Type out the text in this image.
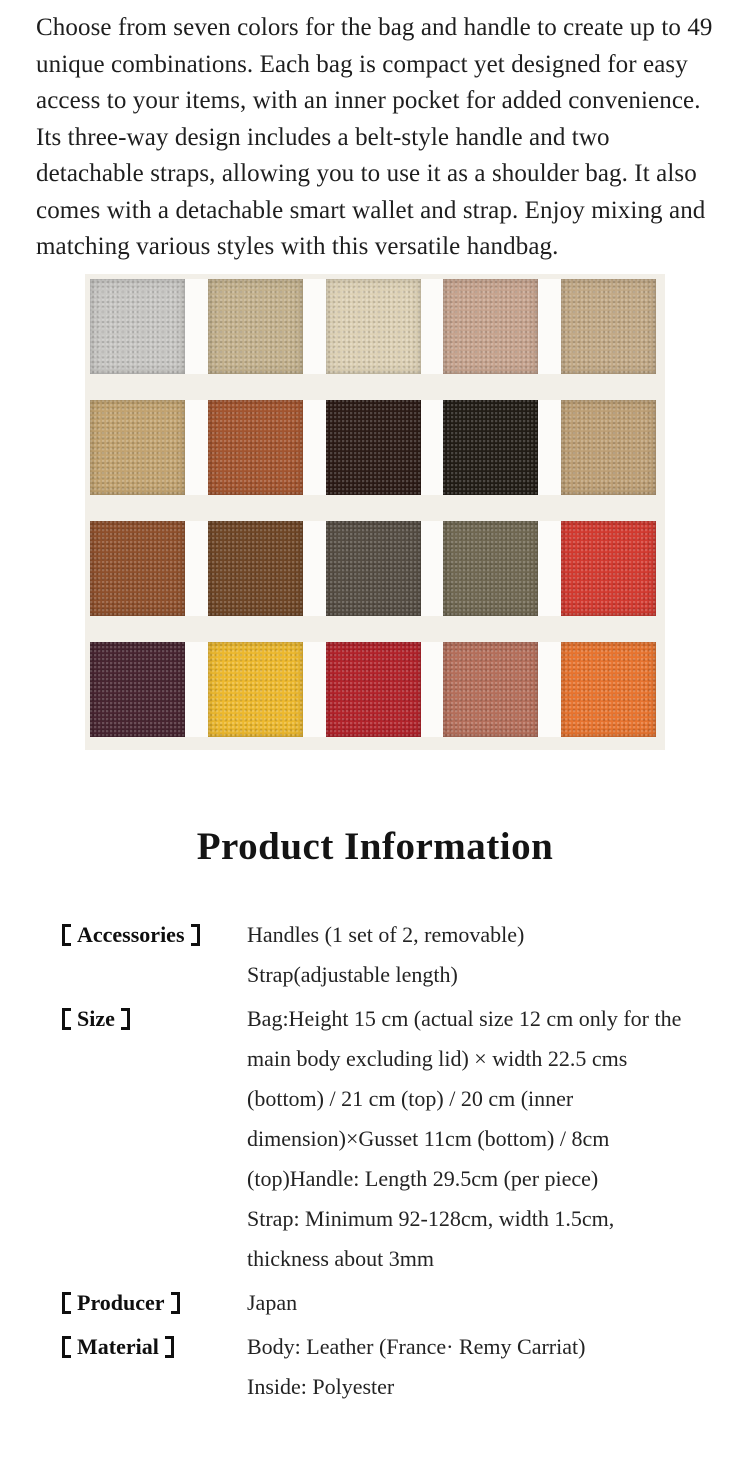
Choose from seven colors for the bag and handle to create up to 49 unique combinations. Each bag is compact yet designed for easy access to your items, with an inner pocket for added convenience. Its three-way design includes a belt-style handle and two detachable straps, allowing you to use it as a shoulder bag. It also comes with a detachable smart wallet and strap. Enjoy mixing and matching various styles with this versatile handbag.

Product Information
Accessories	Handles (1 set of 2, removable)
Strap(adjustable length)
Size	Bag:Height 15 cm (actual size 12 cm only for the main body excluding lid) × width 22.5 cms (bottom) / 21 cm (top) / 20 cm (inner dimension)×Gusset 11cm (bottom) / 8cm (top)Handle: Length 29.5cm (per piece)
Strap: Minimum 92-128cm, width 1.5cm, thickness about 3mm
Producer	Japan
Material	Body: Leather (France· Remy Carriat)
Inside: Polyester
